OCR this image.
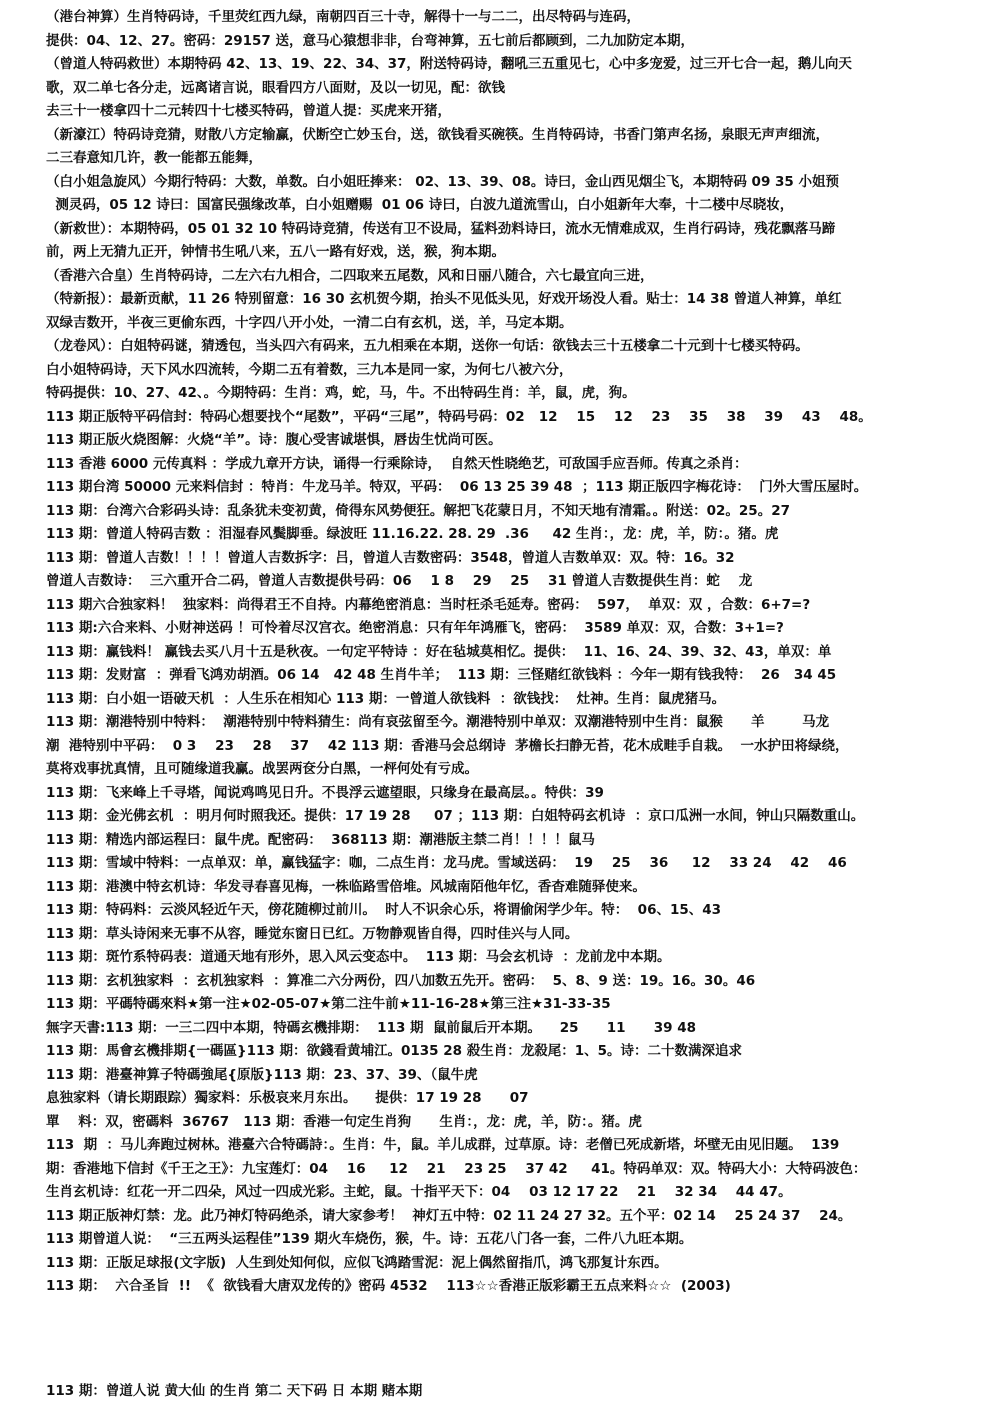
（港台神算）生肖特码诗，千里荧红西九绿，南朝四百三十寺，解得十一与二二，出尽特码与连码，
提供：04、12、27。密码：29157 送，意马心猿想非非，台弯神算，五七前后都顾到，二九加防定本期，
（曾道人特码救世）本期特码 42、13、19、22、34、37，附送特码诗，翻吼三五重见七，心中多宠爱，过三开七合一起，鹅儿向天
歌，双二单七各分走，远离诸言说，眼看四方八面财，及以一切见，配：欲钱
去三十一楼拿四十二元转四十七楼买特码，曾道人提：买虎来开猪，
（新濠江）特码诗竞猜，财散八方定输赢，伏断空亡妙玉台，送，欲钱看买碗筷。生肖特码诗，书香门第声名扬，泉眼无声声细流，
二三春意知几许，教一能都五能舞，
（白小姐急旋风）今期行特码：大数，单数。白小姐旺捧来： 02、13、39、08。诗曰，金山西见烟尘飞，本期特码 09 35 小姐预
测灵码，05 12 诗曰：国富民强缘改革，白小姐赠赐  01 06 诗曰，白波九道流雪山，白小姐新年大奉，十二楼中尽晓妆，
（新救世）：本期特码，05 01 32 10 特码诗竞猜，传送有卫不设局，猛料劲料诗曰，流水无情难成双，生肖行码诗，残花飘落马蹄
前，两上无猜九正开，钟情书生吼八来，五八一路有好戏，送，猴，狗本期。
（香港六合皇）生肖特码诗，二左六右九相合，二四取来五尾数，风和日丽八随合，六七最宜向三进，
（特新报）：最新贡献，11 26 特别留意：16 30 玄机贺今期，抬头不见低头见，好戏开场没人看。贴士：14 38 曾道人神算，单红
双绿吉数开，半夜三更偷东西，十字四八开小处，一清二白有玄机，送，羊，马定本期。
（龙卷风）：白姐特码谜，猜透包，当头四六有码来，五九相乘在本期，送你一句话：欲钱去三十五楼拿二十元到十七楼买特码。
白小姐特码诗，天下风水四流转，今期二五有着数，三九本是同一家，为何七八被六分，
特码提供：10、27、42、。今期特码：生肖：鸡，蛇，马，牛。不出特码生肖：羊，鼠，虎，狗。
113 期正版特平码信封：特码心想要找个“尾数”，平码“三尾”，特码号码：02   12    15    12    23    35    38    39    43    48。
113 期正版火烧图解：火烧“羊”。诗：腹心受害诚堪惧，唇齿生忧尚可医。
113 香港 6000 元传真料 ：学成九章开方诀，诵得一行乘除诗，  自然天性晓绝艺，可敌国手应吾师。传真之杀肖：
113 期台湾 50000 元来料信封 ：特肖：牛龙马羊。特双，平码：  06 13 25 39 48  ；113 期正版四字梅花诗：  门外大雪压屋时。
113 期：台湾六合彩码头诗：乱条犹未变初黄，倚得东风势便狂。解把飞花蒙日月，不知天地有清霜。。附送：02。25。27
113 期：曾道人特码吉数 ：泪湿春风鬓脚垂。绿波旺 11.16.22. 28. 29  .36     42 生肖：，龙：虎，羊，防：。猪。虎
113 期：曾道人吉数！！！！曾道人吉数拆字：吕，曾道人吉数密码：3548，曾道人吉数单双：双。特：16。32
曾道人吉数诗：  三六重开合二码，曾道人吉数提供号码：06    1 8    29    25    31 曾道人吉数提供生肖：蛇    龙
113 期六合独家料！  独家料：尚得君王不自持。内幕绝密消息：当时枉杀毛延寿。密码：  597，  单双：双 ，合数：6+7=?
113 期:六合来料、小财神送码 ！可怜着尽汉宫衣。绝密消息：只有年年鸿雁飞，密码：  3589 单双：双，合数：3+1=?
113 期：赢钱料！ 赢钱去买八月十五是秋夜。一句定平特诗 ：好在毡城莫相忆。提供：  11、16、24、39、32、43，单双：单
113 期：发财富  ：弹看飞鸿劝胡酒。06 14   42 48 生肖牛羊；  113 期：三怪赌红欲钱料 ：今年一期有钱我特：  26   34 45
113 期：白小姐一语破天机  ：人生乐在相知心 113 期：一曾道人欲钱料  ：欲钱找：  灶神。生肖：鼠虎猪马。
113 期：潮港特别中特料：  潮港特别中特料猜生：尚有哀弦留至今。潮港特别中单双：双潮港特别中生肖：鼠猴      羊        马龙
潮  港特别中平码：  0 3    23    28    37    42 113 期：香港马会总纲诗  茅檐长扫静无苔，花木成畦手自栽。  一水护田将绿绕，
莫将戏事扰真情，且可随缘道我赢。战罢两奁分白黑，一枰何处有亏成。
113 期：飞来峰上千寻塔，闻说鸡鸣见日升。不畏浮云遮望眼，只缘身在最高层。。特供：39
113 期：金光佛玄机  ：明月何时照我还。提供：17 19 28     07 ；113 期：白姐特码玄机诗  ：京口瓜洲一水间，钟山只隔数重山。
113 期：精选内部运程曰：鼠牛虎。配密码：  368113 期：潮港版主禁二肖！！！！鼠马
113 期：雪域中特料：一点单双：单，赢钱猛字：咖，二点生肖：龙马虎。雪域送码：  19    25    36     12    33 24    42    46
113 期：港澳中特玄机诗：华发寻春喜见梅，一株临路雪倍堆。风城南陌他年忆，香杳难随驿使来。
113 期：特码料：云淡风轻近午天，傍花随柳过前川。  时人不识余心乐，将谓偷闲学少年。特：  06、15、43
113 期：草头诗闲来无事不从容，睡觉东窗日已红。万物静观皆自得，四时佳兴与人同。
113 期：斑竹系特码表：道通天地有形外，思入风云变态中。  113 期：马会玄机诗  ：龙前龙中本期。
113 期：玄机独家料  ：玄机独家料  ：算准二六分两份，四八加数五先开。密码：  5、8、9 送：19。16。30。46
113 期：平碼特碼來料★第一注★02-05-07★第二注牛前★11-16-28★第三注★31-33-35
無字天書:113 期：一三二四中本期，特碼玄機排期：  113 期  鼠前鼠后开本期。    25      11      39 48
113 期：馬會玄機排期{一碼區}113 期：欲錢看黄埔江。0135 28 殺生肖：龙殺尾：1、5。诗：二十数满深追求
113 期：港臺神算子特碼強尾{原版}113 期：23、37、39、（鼠牛虎
息独家料（请长期跟踪）獨家料：乐极哀来月东出。    提供：17 19 28      07
單    料：双，密碼料  36767   113 期：香港一句定生肖狗      生肖：，龙：虎，羊，防：。猪。虎
113  期  ：马儿奔跑过树林。港臺六合特碼詩：。生肖：牛，鼠。羊儿成群，过草原。诗：老僧已死成新塔，坏壁无由见旧题。  139
期：香港地下信封《千王之王》：九宝莲灯：04    16     12    21    23 25    37 42     41。特码单双：双。特码大小：大特码波色：
生肖玄机诗：红花一开二四朵，风过一四成光彩。主蛇，鼠。十指平天下：04    03 12 17 22    21    32 34    44 47。
113 期正版神灯禁：龙。此乃神灯特码绝杀，请大家参考！  神灯五中特：02 11 24 27 32。五个平：02 14    25 24 37    24。
113 期曾道人说：  “三五两头运程佳”139 期火车烧伤，猴，牛。诗：五花八门各一套，二件八九旺本期。
113 期：正版足球报(文字版)  人生到处知何似，应似飞鸿踏雪泥：泥上偶然留指爪，鸿飞那复计东西。
113 期：  六合圣旨  !!  《  欲钱看大唐双龙传的》密码 4532    113☆☆香港正版彩霸王五点来料☆☆  (2003)
113 期：曾道人说 黄大仙 的生肖 第二 天下码 日 本期 赌本期
